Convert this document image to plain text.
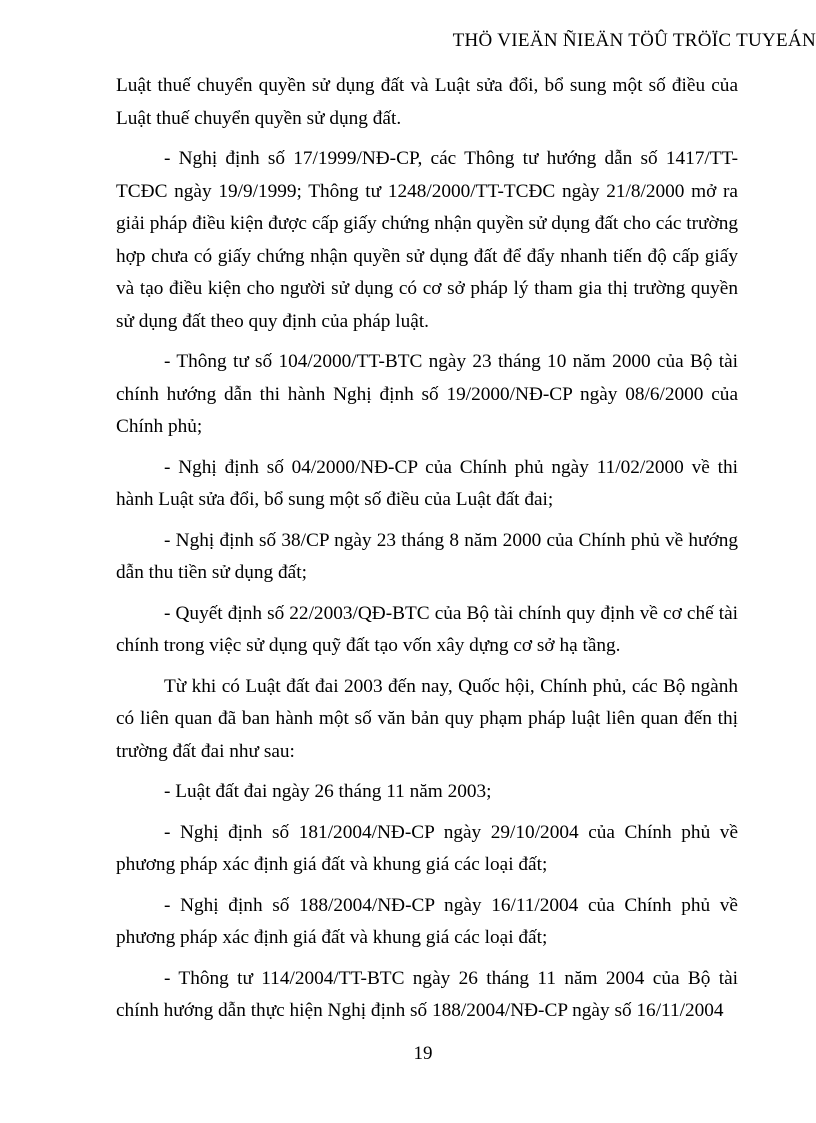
THÖ VIEÄN ÑIEÄN TÖÛ TRÖÏC TUYEÁN

Luật thuế chuyển quyền sử dụng đất và Luật sửa đổi, bổ sung một số điều của Luật thuế chuyển quyền sử dụng đất.

- Nghị định số 17/1999/NĐ-CP, các Thông tư hướng dẫn số 1417/TT-TCĐC ngày 19/9/1999; Thông tư 1248/2000/TT-TCĐC ngày 21/8/2000 mở ra giải pháp điều kiện được cấp giấy chứng nhận quyền sử dụng đất cho các trường hợp chưa có giấy chứng nhận quyền sử dụng đất để đẩy nhanh tiến độ cấp giấy và tạo điều kiện cho người sử dụng có cơ sở pháp lý tham gia thị trường quyền sử dụng đất theo quy định của pháp luật.

- Thông tư số 104/2000/TT-BTC ngày 23 tháng 10 năm 2000 của Bộ tài chính hướng dẫn thi hành Nghị định số 19/2000/NĐ-CP ngày 08/6/2000 của Chính phủ;

- Nghị định số 04/2000/NĐ-CP của Chính phủ ngày 11/02/2000 về thi hành Luật sửa đổi, bổ sung một số điều của Luật đất đai;

- Nghị định số 38/CP ngày 23 tháng 8 năm 2000 của Chính phủ về hướng dẫn thu tiền sử dụng đất;

- Quyết định số 22/2003/QĐ-BTC của Bộ tài chính quy định về cơ chế tài chính trong việc sử dụng quỹ đất tạo vốn xây dựng cơ sở hạ tầng.

Từ khi có Luật đất đai 2003 đến nay, Quốc hội, Chính phủ, các Bộ ngành có liên quan đã ban hành một số văn bản quy phạm pháp luật liên quan đến thị trường đất đai như sau:

- Luật đất đai ngày 26 tháng 11 năm 2003;

- Nghị định số 181/2004/NĐ-CP ngày 29/10/2004 của Chính phủ về phương pháp xác định giá đất và khung giá các loại đất;

- Nghị định số 188/2004/NĐ-CP ngày 16/11/2004 của Chính phủ về phương pháp xác định giá đất và khung giá các loại đất;

- Thông tư 114/2004/TT-BTC ngày 26 tháng 11 năm 2004 của Bộ tài chính hướng dẫn thực hiện Nghị định số 188/2004/NĐ-CP ngày số 16/11/2004

19
